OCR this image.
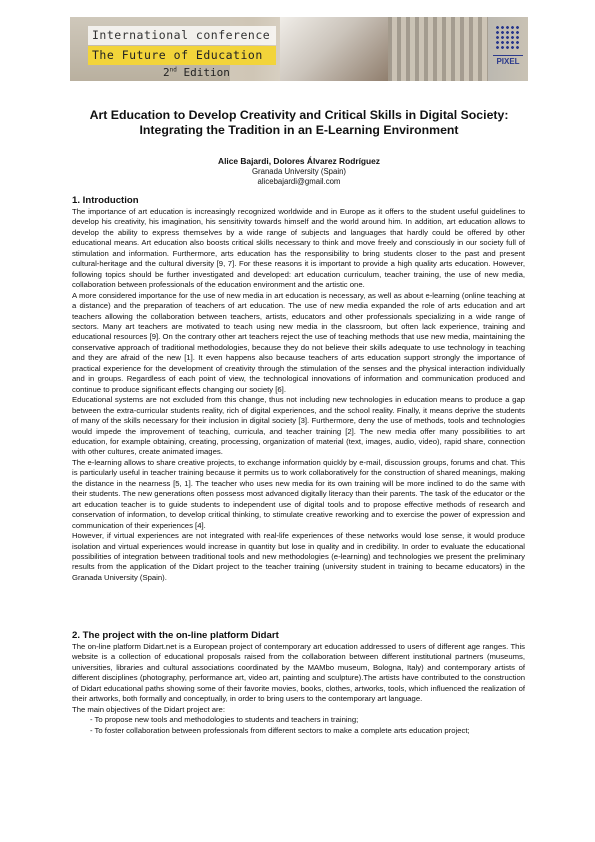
International conference
The Future of Education
2nd Edition
PIXEL
Art Education to Develop Creativity and Critical Skills in Digital Society: Integrating the Tradition in an E-Learning Environment
Alice Bajardi, Dolores Álvarez Rodríguez
Granada University (Spain)
alicebajardi@gmail.com
1. Introduction

The importance of art education is increasingly recognized worldwide and in Europe as it offers to the student useful guidelines to develop his creativity, his imagination, his sensitivity towards himself and the world around him. In addition, art education allows to develop the ability to express themselves by a wide range of subjects and languages that hardly could be offered by other educational means. Art education also boosts critical skills necessary to think and move freely and consciously in our society full of stimulation and information. Furthermore, arts education has the responsibility to bring students closer to the past and present cultural-heritage and the cultural diversity [9, 7]. For these reasons it is important to provide a high quality arts education. However, following topics should be further investigated and developed: art education curriculum, teacher training, the use of new media, collaboration between professionals of the education environment and the artistic one.

A more considered importance for the use of new media in art education is necessary, as well as about e-learning (online teaching at a distance) and the preparation of teachers of art education. The use of new media expanded the role of arts education and art teachers allowing the collaboration between teachers, artists, educators and other professionals specializing in a wide range of sectors. Many art teachers are motivated to teach using new media in the classroom, but often lack experience, training and educational resources [9]. On the contrary other art teachers reject the use of teaching methods that use new media, maintaining the conservative approach of traditional methodologies, because they do not believe their skills adequate to use technology in teaching and they are afraid of the new [1]. It even happens also because teachers of arts education support strongly the importance of practical experience for the development of creativity through the stimulation of the senses and the physical interaction individually and in groups. Regardless of each point of view, the technological innovations of information and communication produced and continue to produce significant effects changing our society [6].

Educational systems are not excluded from this change, thus not including new technologies in education means to produce a gap between the extra-curricular students reality, rich of digital experiences, and the school reality. Finally, it means deprive the students of many of the skills necessary for their inclusion in digital society [3]. Furthermore, deny the use of methods, tools and technologies would impede the improvement of teaching, curricula, and teacher training [2]. The new media offer many possibilities to art education, for example obtaining, creating, processing, organization of material (text, images, audio, video), rapid share, connection with other cultures, create animated images.

The e-learning allows to share creative projects, to exchange information quickly by e-mail, discussion groups, forums and chat. This is particularly useful in teacher training because it permits us to work collaboratively for the construction of shared meanings, making the distance in the nearness [5, 1]. The teacher who uses new media for its own training will be more inclined to do the same with their students. The new generations often possess most advanced digitally literacy than their parents. The task of the educator or the art education teacher is to guide students to independent use of digital tools and to propose effective methods of research and conservation of information, to develop critical thinking, to stimulate creative reworking and to exercise the power of expression and communication of their experiences [4].

However, if virtual experiences are not integrated with real-life experiences of these networks would lose sense, it would produce isolation and virtual experiences would increase in quantity but lose in quality and in credibility. In order to evaluate the educational possibilities of integration between traditional tools and new methodologies (e-learning) and technologies we present the preliminary results from the application of the Didart project to the teacher training (university student in training to became educators) in the Granada University (Spain).

2. The project with the on-line platform Didart

The on-line platform Didart.net is a European project of contemporary art education addressed to users of different age ranges. This website is a collection of educational proposals raised from the collaboration between different institutional partners (museums, universities, libraries and cultural associations coordinated by the MAMbo museum, Bologna, Italy) and contemporary artists of different disciplines (photography, performance art, video art, painting and sculpture).The artists have contributed to the construction of Didart educational paths showing some of their favorite movies, books, clothes, artworks, tools, which influenced the realization of their artworks, both formally and conceptually, in order to bring users to the contemporary art language.

The main objectives of the Didart project are:

- To propose new tools and methodologies to students and teachers in training;
- To foster collaboration between professionals from different sectors to make a complete arts education project;
